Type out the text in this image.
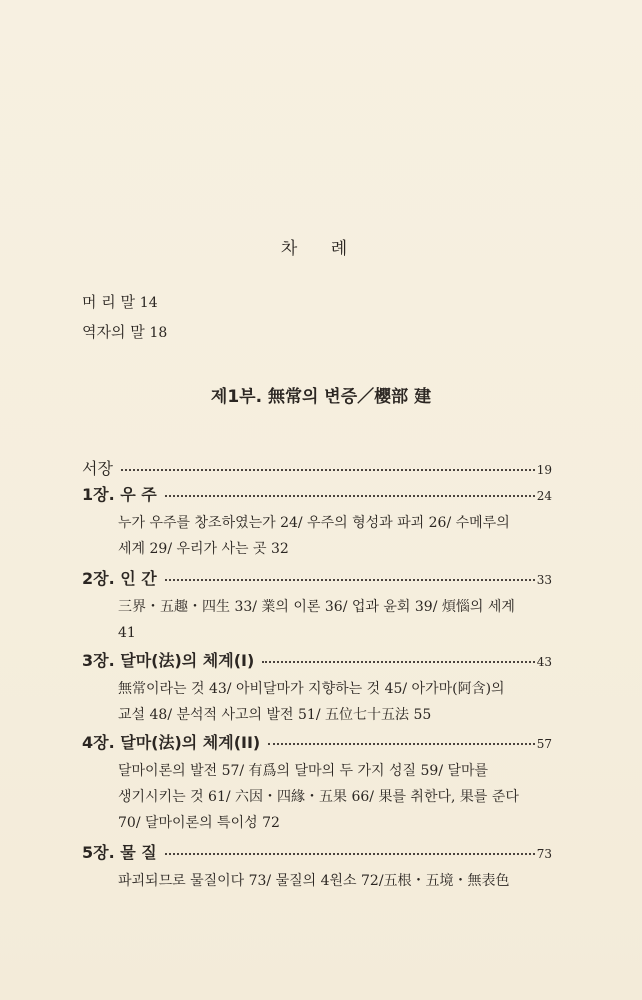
차 례
머 리 말 14
역자의 말 18
제1부. 無常의 변증／櫻部 建
서장	19
1장. 우 주	24
누가 우주를 창조하였는가 24/ 우주의 형성과 파괴 26/ 수메루의
세계 29/ 우리가 사는 곳 32
2장. 인 간	33
三界・五趣・四生 33/ 業의 이론 36/ 업과 윤회 39/ 煩惱의 세계
41
3장. 달마(法)의 체계(I)	43
無常이라는 것 43/ 아비달마가 지향하는 것 45/ 아가마(阿含)의
교설 48/ 분석적 사고의 발전 51/ 五位七十五法 55
4장. 달마(法)의 체계(II)	57
달마이론의 발전 57/ 有爲의 달마의 두 가지 성질 59/ 달마를
생기시키는 것 61/ 六因・四緣・五果 66/ 果를 취한다, 果를 준다
70/ 달마이론의 특이성 72
5장. 물 질	73
파괴되므로 물질이다 73/ 물질의 4원소 72/五根・五境・無表色
